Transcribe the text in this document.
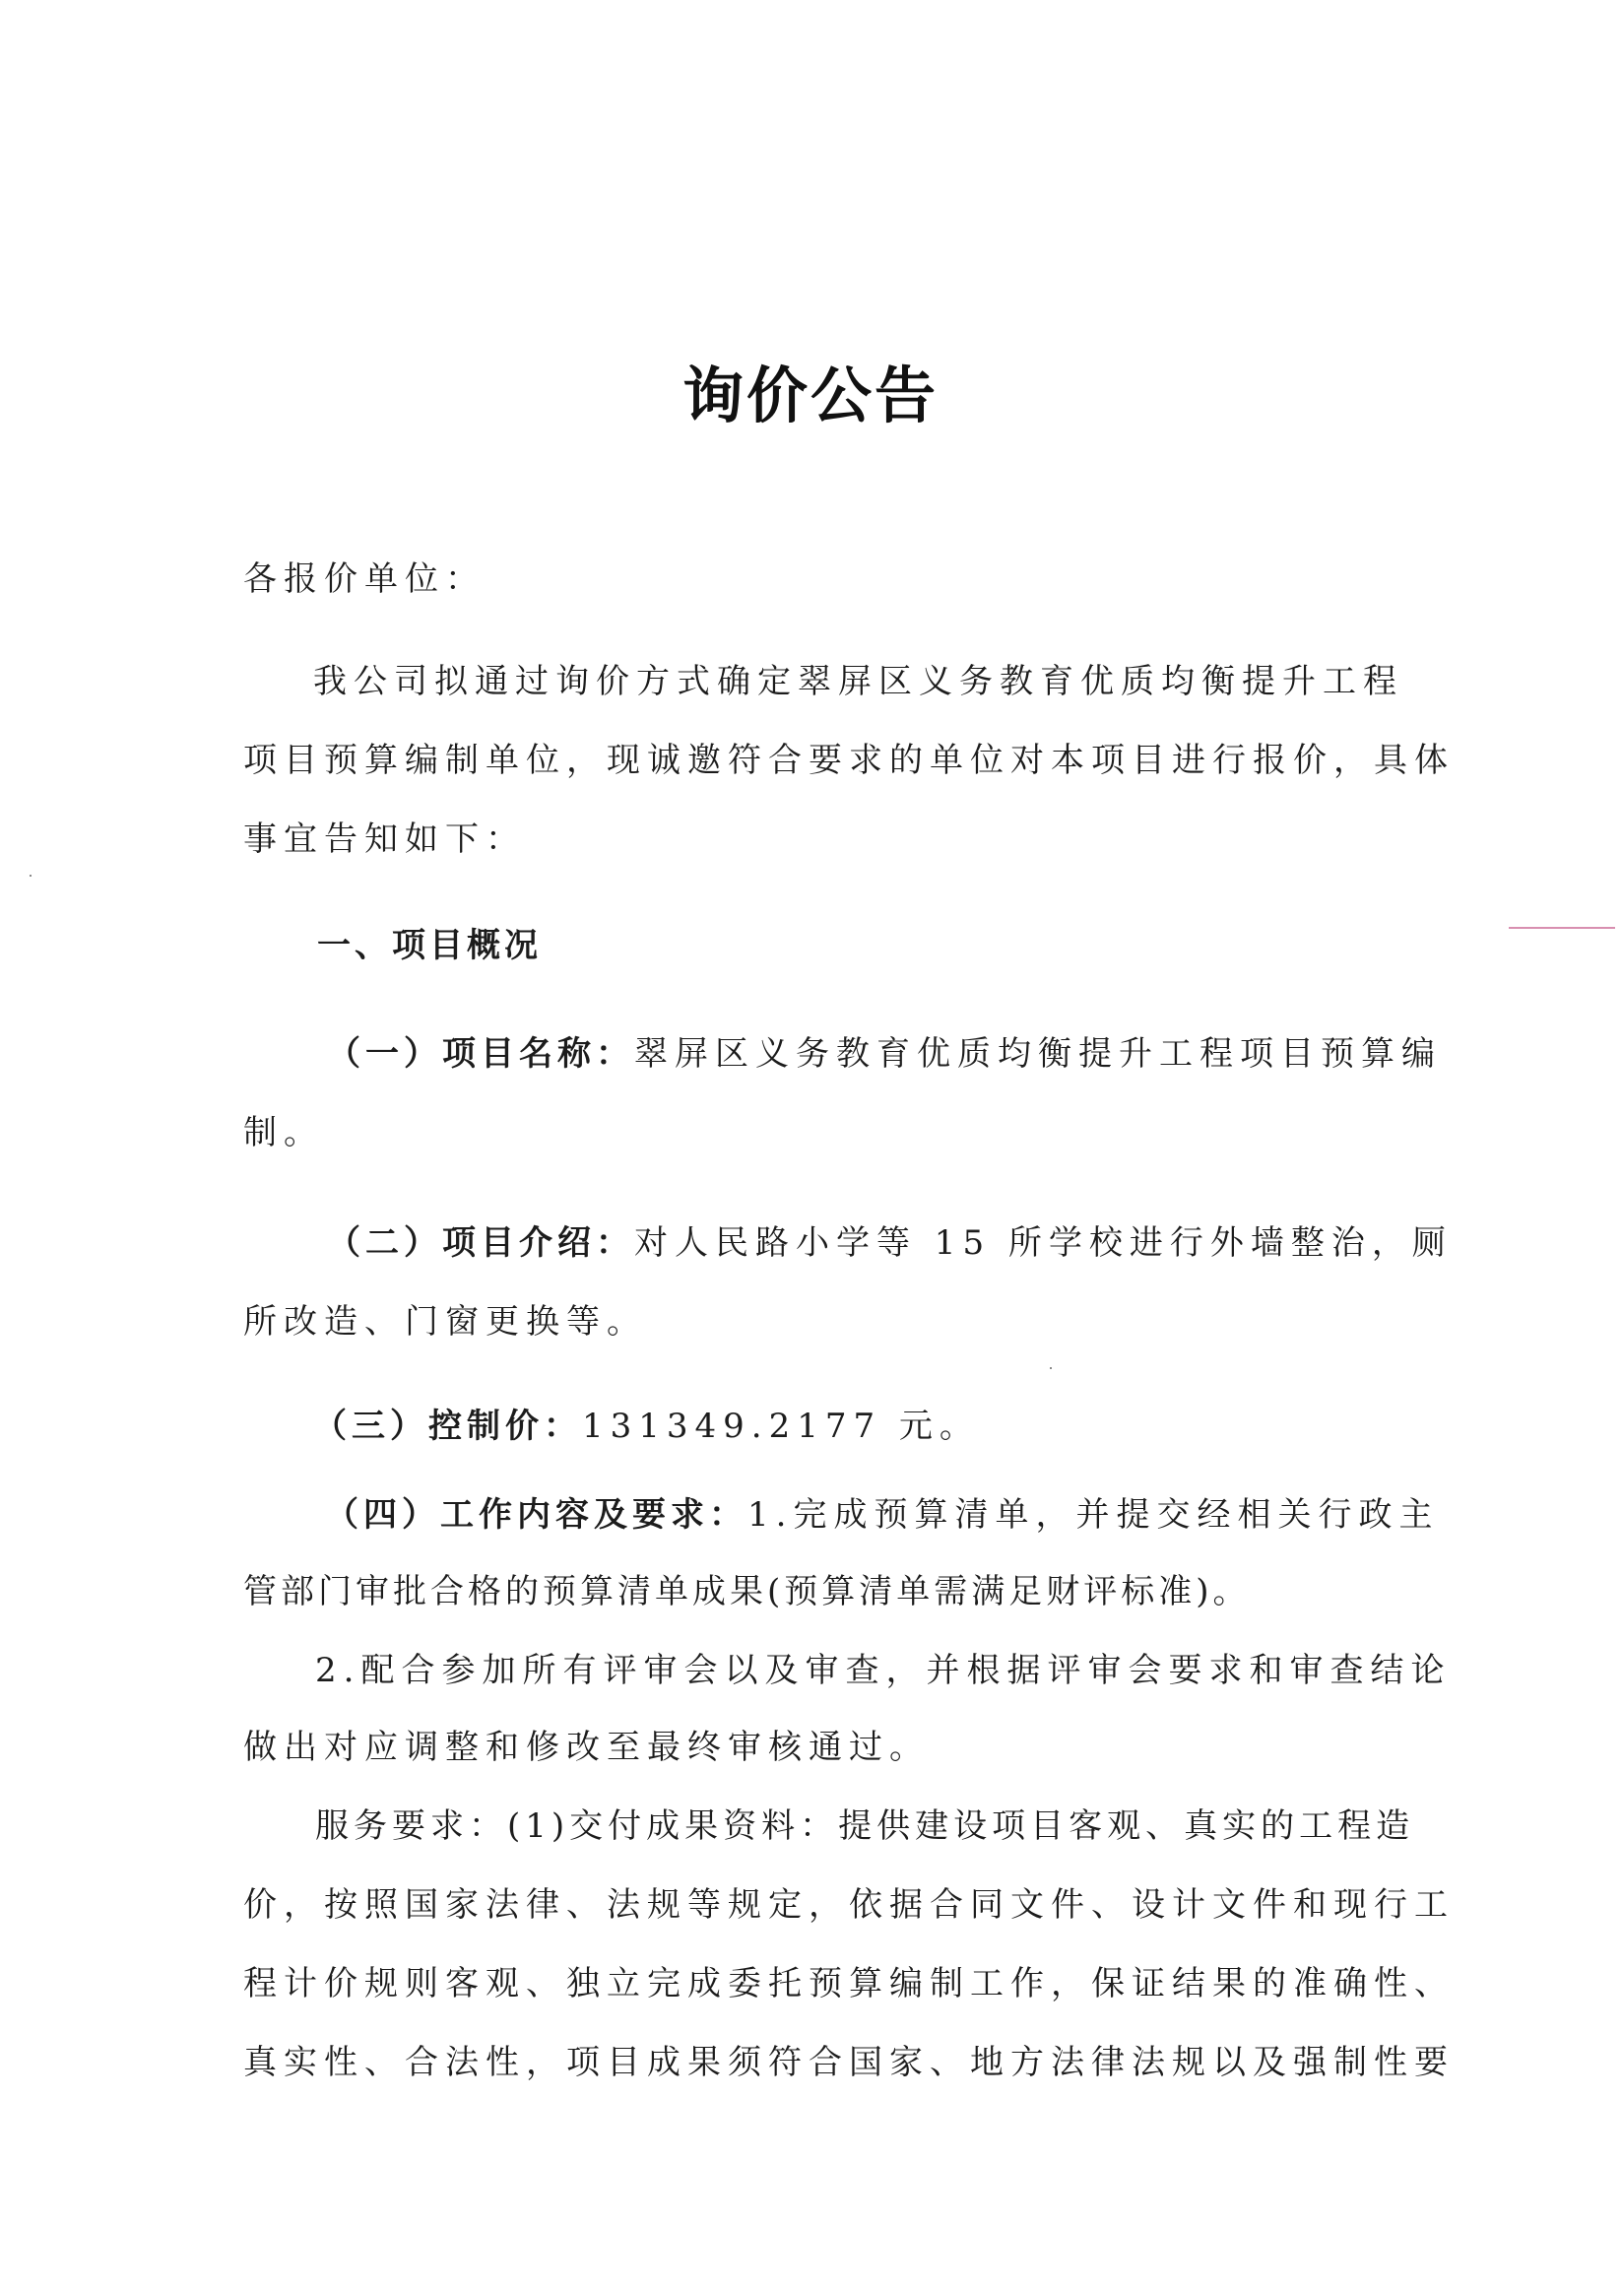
询价公告

各报价单位：

我公司拟通过询价方式确定翠屏区义务教育优质均衡提升工程

项目预算编制单位，现诚邀符合要求的单位对本项目进行报价，具体

事宜告知如下：

一、项目概况

（一）项目名称：翠屏区义务教育优质均衡提升工程项目预算编

制。

（二）项目介绍：对人民路小学等 15 所学校进行外墙整治，厕

所改造、门窗更换等。

（三）控制价：131349.2177 元。

（四）工作内容及要求：1.完成预算清单，并提交经相关行政主

管部门审批合格的预算清单成果(预算清单需满足财评标准)。

2.配合参加所有评审会以及审查，并根据评审会要求和审查结论

做出对应调整和修改至最终审核通过。

服务要求：(1)交付成果资料：提供建设项目客观、真实的工程造

价，按照国家法律、法规等规定，依据合同文件、设计文件和现行工

程计价规则客观、独立完成委托预算编制工作，保证结果的准确性、

真实性、合法性，项目成果须符合国家、地方法律法规以及强制性要
